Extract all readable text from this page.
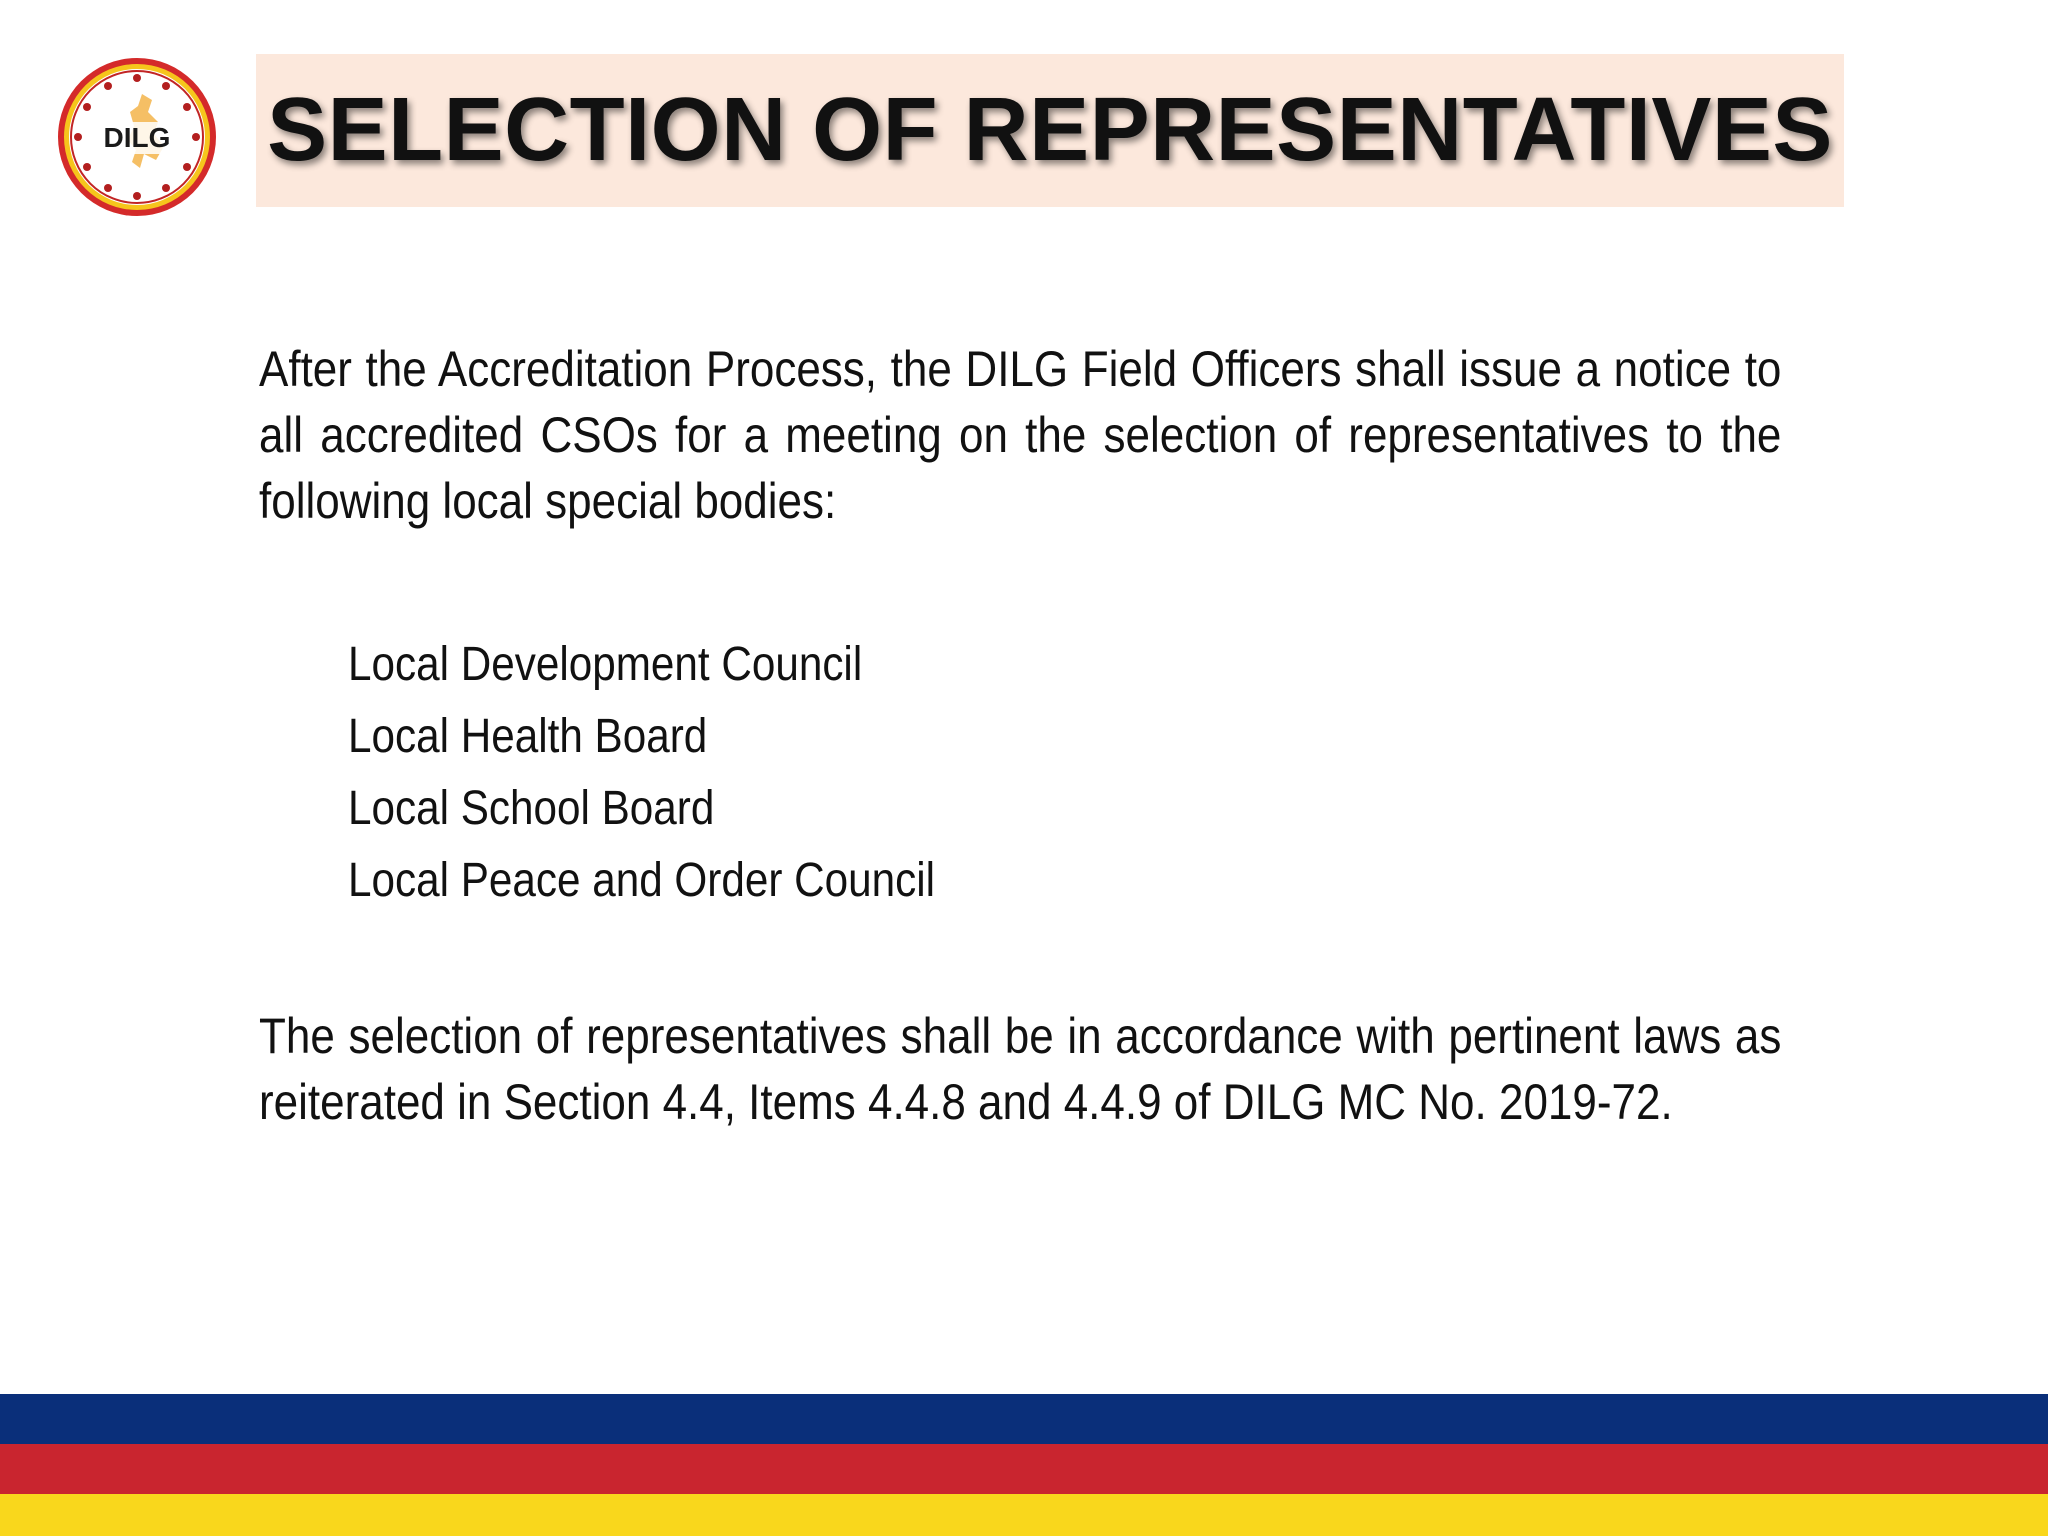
DILG SELECTION OF REPRESENTATIVES

After the Accreditation Process, the DILG Field Officers shall issue a notice to all accredited CSOs for a meeting on the selection of representatives to the following local special bodies:

Local Development Council
Local Health Board
Local School Board
Local Peace and Order Council

The selection of representatives shall be in accordance with pertinent laws as reiterated in Section 4.4, Items 4.4.8 and 4.4.9 of DILG MC No. 2019-72.
